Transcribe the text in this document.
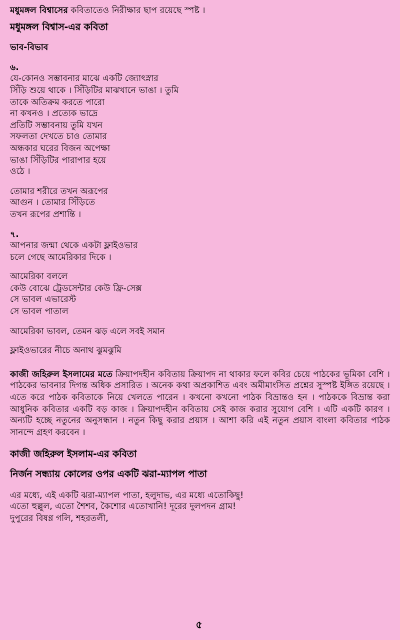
মধুমঙ্গল বিশ্বাসের কবিতাতেও নিরীক্ষার ছাপ রয়েছে স্পষ্ট ।
মধুমঙ্গল বিশ্বাস-এর কবিতা
ভাব-বিভাব
৬.
যে-কোনও সম্ভাবনার মাঝে একটি জ্যোৎস্নার
সিঁড়ি শুয়ে থাকে । সিঁড়িটির মাঝখানে ভাঙা । তুমি
তাকে অতিক্রম করতে পারো
না কখনও । প্রত্যেক ভাদ্রে
প্রতিটি সম্ভাবনায় তুমি যখন
সফলতা দেখতে চাও তোমার
অন্ধকার ঘরের বিজন অপেক্ষা
ভাঙা সিঁড়িটির পারাপার হয়ে
ওঠে ।
তোমার শরীরে তখন অরূপের
আগুন । তোমার সিঁড়িতে
তখন রূপের প্রশান্তি ।
৭.
আপনার জন্মা থেকে একটা ফ্লাইওভার
চলে গেছে আমেরিকার দিকে ।
আমেরিকা বললে
কেউ বোঝে ট্রেডসেন্টার কেউ ফ্রি-সেক্স
সে ভাবল এভারেস্ট
সে ভাবল পাতাল
আমেরিকা ভাবল, তেমন ঝড় এলে সবই সমান
ফ্লাইওভারের নীচে অনাথ ঝুমঝুমি
কাজী জহিরুল ইসলামের মতে ক্রিয়াপদহীন কবিতায় ক্রিয়াপদ না থাকার ফলে কবির চেয়ে পাঠকের ভূমিকা বেশি । পাঠকের ভাবনার দিগন্ত অধিক প্রসারিত । অনেক কথা অপ্রকাশিত এবং অমীমাংসিত প্রশ্নের সুস্পষ্ট ইঙ্গিত রয়েছে । এতে করে পাঠক কবিতাকে নিয়ে খেলতে পারেন । কখনো কখনো পাঠক বিভ্রান্তও হন । পাঠককে বিভ্রান্ত করা আধুনিক কবিতার একটি বড় কাজ । ক্রিয়াপদহীন কবিতায় সেই কাজ করার সুযোগ বেশি । এটি একটি কারণ । অন্যটি হচ্ছে নতুনের অনুসন্ধান । নতুন কিছু করার প্রয়াস । আশা করি এই নতুন প্রয়াস বাংলা কবিতার পাঠক সানন্দে গ্রহণ করবেন ।
কাজী জহিরুল ইসলাম-এর কবিতা
নির্জন সন্ধ্যায় কোলের ওপর একটি ঝরা-ম্যাপল পাতা
এর মধ্যে, এই একটি ঝরা-ম্যাপল পাতা, হলুদাভ, এর মধ্যে এতোকিছু!
এতো হুল্লুল, এতো শৈশব, কৈশোর এতোখানি! দূরের দুলপদন গ্রাম!
দুপুরের বিষণ্ণ গলি, শহরতলী,
৫
